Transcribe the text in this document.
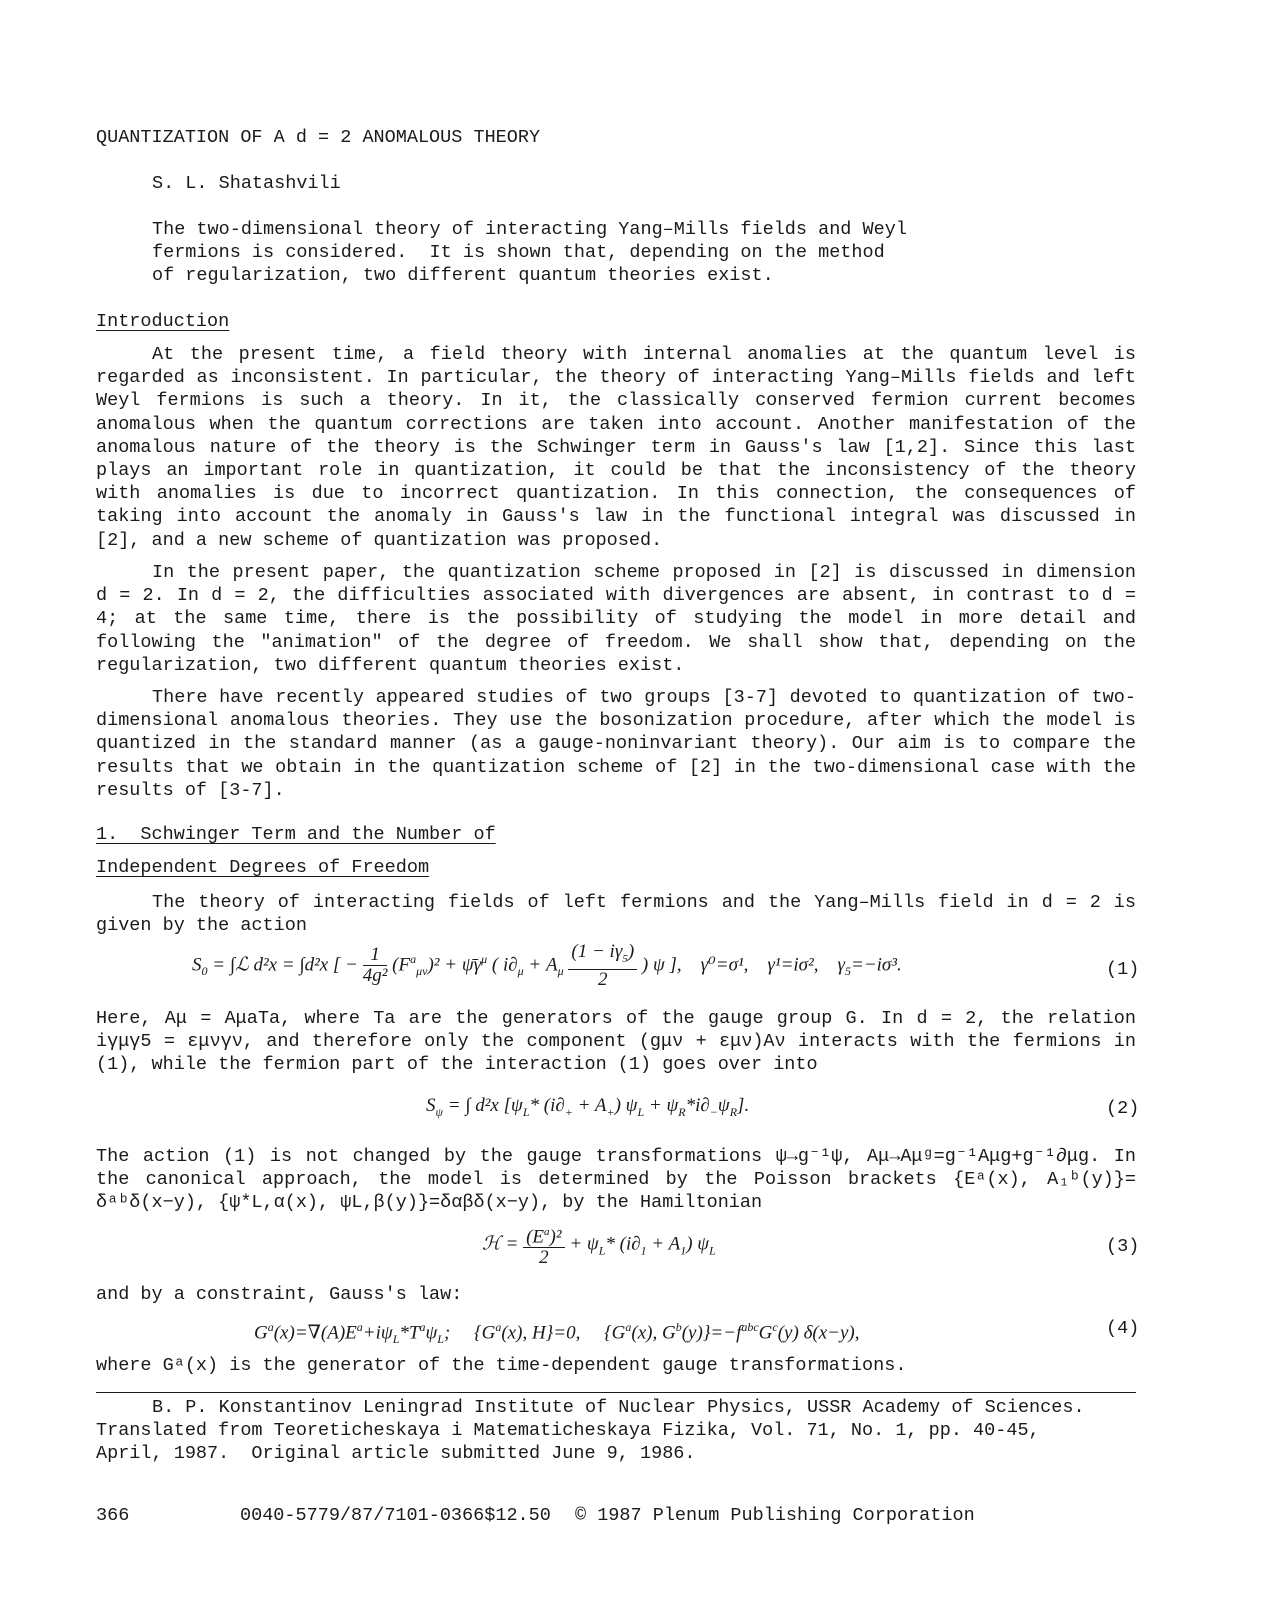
QUANTIZATION OF A d = 2 ANOMALOUS THEORY
S. L. Shatashvili
The two-dimensional theory of interacting Yang–Mills fields and Weyl
fermions is considered.  It is shown that, depending on the method
of regularization, two different quantum theories exist.
Introduction
At the present time, a field theory with internal anomalies at the quantum level is regarded as inconsistent. In particular, the theory of interacting Yang–Mills fields and left Weyl fermions is such a theory. In it, the classically conserved fermion current becomes anomalous when the quantum corrections are taken into account. Another manifestation of the anomalous nature of the theory is the Schwinger term in Gauss's law [1,2]. Since this last plays an important role in quantization, it could be that the inconsistency of the theory with anomalies is due to incorrect quantization. In this connection, the consequences of taking into account the anomaly in Gauss's law in the functional integral was discussed in [2], and a new scheme of quantization was proposed.
In the present paper, the quantization scheme proposed in [2] is discussed in dimension d = 2. In d = 2, the difficulties associated with divergences are absent, in contrast to d = 4; at the same time, there is the possibility of studying the model in more detail and following the "animation" of the degree of freedom. We shall show that, depending on the regularization, two different quantum theories exist.
There have recently appeared studies of two groups [3-7] devoted to quantization of two-dimensional anomalous theories. They use the bosonization procedure, after which the model is quantized in the standard manner (as a gauge-noninvariant theory). Our aim is to compare the results that we obtain in the quantization scheme of [2] in the two-dimensional case with the results of [3-7].
1.  Schwinger Term and the Number of
Independent Degrees of Freedom
The theory of interacting fields of left fermions and the Yang–Mills field in d = 2 is given by the action
$S_0$ = ∫ℒ d²x = ∫d²x [ − $\frac{1}{\text{4g²}} (F^a_{\mu\nu})^2$ + $\psī\gamma^\mu$ ( $i\partial_\mu + A_\mu \frac{(1 - i\gamma_5)}{2}$ ) ψ ],    γ⁰=σ¹,    γ¹=iσ²,    $\gamma_5=-i\sigma^3$.	(1)
Here, Aμ = AμaTa, where Ta are the generators of the gauge group G. In d = 2, the relation iγμγ5 = εμνγν, and therefore only the component (gμν + εμν)Aν interacts with the fermions in (1), while the fermion part of the interaction (1) goes over into
$S_\psi$ = ∫ d²x [$\psi_L*$ $(i\partial_+ + A_+) \psi_L + \psi_R*i\partial_-\psi_R$].	(2)
The action (1) is not changed by the gauge transformations ψ→g⁻¹ψ, Aμ→Aμᵍ=g⁻¹Aμg+g⁻¹∂μg. In the canonical approach, the model is determined by the Poisson brackets {Eᵃ(x), A₁ᵇ(y)}= δᵃᵇδ(x−y), {ψ*L,α(x), ψL,β(y)}=δαβδ(x−y), by the Hamiltonian
ℋ = $\frac{(E^a)^2}{2} + \psi_L*$ $(i\partial_1 + A_1)$ $\psi_L$	(3)
and by a constraint, Gauss's law:
$G^a(x)=\nabla(A)E^a+i\psi_L*T^a\psi_L$;     {$G^a(x)$, H}=0,     {$G^a(x)$, $G^b(y)\}=-f^{abc}G^c(y)$ δ(x−y),	(4)
where Gᵃ(x) is the generator of the time-dependent gauge transformations.
B. P. Konstantinov Leningrad Institute of Nuclear Physics, USSR Academy of Sciences.
Translated from Teoreticheskaya i Matematicheskaya Fizika, Vol. 71, No. 1, pp. 40-45,
April, 1987.  Original article submitted June 9, 1986.
366	0040-5779/87/7101-0366$12.50 © 1987 Plenum Publishing Corporation
